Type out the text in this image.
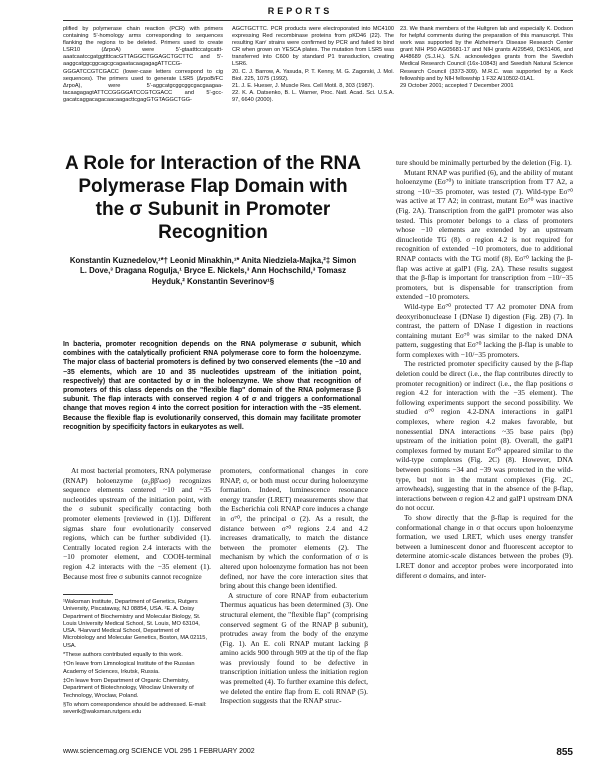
REPORTS

plified by polymerase chain reaction (PCR) with primers containing 5'-homology arms corresponding to sequences flanking the regions to be deleted. Primers used to create LSR10 (ΔrpoA) were 5'-gtaatttccatgcattt-aaatcaatccgatggttttcacGTTAGGCTGGAGCTGCTTC and 5'-aaggcatggcggcagcgcagaatacaagagagATTCCG-GGGATCCGTCGACC (lower-case letters correspond to cig sequences). The primers used to generate LSR5 (ΔrpoB/FC ΔrpoA), were 5'-aggcatgcggcggcgacgaagaa-tacaagagagtATTCCGGGGATCCGTCGACC and 5'-gcc-gacatcaggacagacaacaagacttcgagGTGTAGGCTGG-

AGCTGCTTC. PCR products were electroporated into MC4100 expressing Red recombinase proteins from pKD46 (22). The resulting Kanʳ strains were confirmed by PCR and failed to bind CR when grown on YESCA plates. The mutation from LSR5 was transferred into C600 by standard P1 transduction, creating LSR6.

20. C. J. Barrow, A. Yasuda, P. T. Kenny, M. G. Zagorski, J. Mol. Biol. 225, 1075 (1992).

21. J. E. Hueser, J. Muscle Res. Cell Motil. 8, 303 (1987).

22. K. A. Datsenko, B. L. Warner, Proc. Natl. Acad. Sci. U.S.A. 97, 6640 (2000).

23. We thank members of the Hultgren lab and especially K. Dodson for helpful comments during the preparation of this manuscript. This work was supported by the Alzheimer's Disease Research Center grant NIH P50 AG05681-17 and NIH grants AI29549, DK51406, and AI48689 (S.J.H.). S.N. acknowledges grants from the Swedish Medical Research Council (16x-10843) and Swedish Natural Science Research Council (3373-309). M.R.C. was supported by a Keck fellowship and by NIH fellowship 1 F32 AI10502-01A1.

29 October 2001; accepted 7 December 2001

A Role for Interaction of the RNA Polymerase Flap Domain with the σ Subunit in Promoter Recognition
Konstantin Kuznedelov,¹*† Leonid Minakhin,¹* Anita Niedziela-Majka,²‡ Simon L. Dove,³ Dragana Rogulja,¹ Bryce E. Nickels,³ Ann Hochschild,³ Tomasz Heyduk,² Konstantin Severinov¹§
In bacteria, promoter recognition depends on the RNA polymerase σ subunit, which combines with the catalytically proficient RNA polymerase core to form the holoenzyme. The major class of bacterial promoters is defined by two conserved elements (the −10 and −35 elements, which are 10 and 35 nucleotides upstream of the initiation point, respectively) that are contacted by σ in the holoenzyme. We show that recognition of promoters of this class depends on the "flexible flap" domain of the RNA polymerase β subunit. The flap interacts with conserved region 4 of σ and triggers a conformational change that moves region 4 into the correct position for interaction with the −35 element. Because the flexible flap is evolutionarily conserved, this domain may facilitate promoter recognition by specificity factors in eukaryotes as well.

At most bacterial promoters, RNA polymerase (RNAP) holoenzyme (α₂ββ'ωσ) recognizes sequence elements centered ~10 and ~35 nucleotides upstream of the initiation point, with the σ subunit specifically contacting both promoter elements [reviewed in (1)]. Different sigmas share four evolutionarily conserved regions, which can be further subdivided (1). Centrally located region 2.4 interacts with the −10 promoter element, and COOH-terminal region 4.2 interacts with the −35 element (1). Because most free σ subunits cannot recognize

¹Waksman Institute, Department of Genetics, Rutgers University, Piscataway, NJ 08854, USA. ²E. A. Doisy Department of Biochemistry and Molecular Biology, St. Louis University Medical School, St. Louis, MO 63104, USA. ³Harvard Medical School, Department of Microbiology and Molecular Genetics, Boston, MA 02115, USA.

*These authors contributed equally to this work.

†On leave from Limnological Institute of the Russian Academy of Sciences, Irkutsk, Russia.

‡On leave from Department of Organic Chemistry, Department of Biotechnology, Wroclaw University of Technology, Wroclaw, Poland.

§To whom correspondence should be addressed. E-mail: severik@waksman.rutgers.edu

promoters, conformational changes in core RNAP, σ, or both must occur during holoenzyme formation. Indeed, luminescence resonance energy transfer (LRET) measurements show that the Escherichia coli RNAP core induces a change in σ⁷⁰, the principal σ (2). As a result, the distance between σ⁷⁰ regions 2.4 and 4.2 increases dramatically, to match the distance between the promoter elements (2). The mechanism by which the conformation of σ is altered upon holoenzyme formation has not been defined, nor have the core interaction sites that bring about this change been identified.

A structure of core RNAP from eubacterium Thermus aquaticus has been determined (3). One structural element, the "flexible flap" (comprising conserved segment G of the RNAP β subunit), protrudes away from the body of the enzyme (Fig. 1). An E. coli RNAP mutant lacking β amino acids 900 through 909 at the tip of the flap was previously found to be defective in transcription initiation unless the initiation region was premelted (4). To further examine this defect, we deleted the entire flap from E. coli RNAP (5). Inspection suggests that the RNAP struc-

ture should be minimally perturbed by the deletion (Fig. 1).

Mutant RNAP was purified (6), and the ability of mutant holoenzyme (Eσ⁷⁰) to initiate transcription from T7 A2, a strong −10/−35 promoter, was tested (7). Wild-type Eσ⁷⁰ was active at T7 A2; in contrast, mutant Eσ⁷⁰ was inactive (Fig. 2A). Transcription from the galP1 promoter was also tested. This promoter belongs to a class of promoters whose −10 elements are extended by an upstream dinucleotide TG (8). σ region 4.2 is not required for recognition of extended −10 promoters, due to additional RNAP contacts with the TG motif (8). Eσ⁷⁰ lacking the β-flap was active at galP1 (Fig. 2A). These results suggest that the β-flap is important for transcription from −10/−35 promoters, but is dispensable for transcription from extended −10 promoters.

Wild-type Eσ⁷⁰ protected T7 A2 promoter DNA from deoxyribonuclease I (DNase I) digestion (Fig. 2B) (7). In contrast, the pattern of DNase I digestion in reactions containing mutant Eσ⁷⁰ was similar to the naked DNA pattern, suggesting that Eσ⁷⁰ lacking the β-flap is unable to form complexes with −10/−35 promoters.

The restricted promoter specificity caused by the β-flap deletion could be direct (i.e., the flap contributes directly to promoter recognition) or indirect (i.e., the flap positions σ region 4.2 for interaction with the −35 element). The following experiments support the second possibility. We studied σ⁷⁰ region 4.2-DNA interactions in galP1 complexes, where region 4.2 makes favorable, but nonessential DNA interactions ~35 base pairs (bp) upstream of the initiation point (8). Overall, the galP1 complexes formed by mutant Eσ⁷⁰ appeared similar to the wild-type complexes (Fig. 2C) (8). However, DNA between positions −34 and −39 was protected in the wild-type, but not in the mutant complexes (Fig. 2C, arrowheads), suggesting that in the absence of the β-flap, interactions between σ region 4.2 and galP1 upstream DNA do not occur.

To show directly that the β-flap is required for the conformational change in σ that occurs upon holoenzyme formation, we used LRET, which uses energy transfer between a luminescent donor and fluorescent acceptor to determine atomic-scale distances between the probes (9). LRET donor and acceptor probes were incorporated into different σ domains, and inter-

www.sciencemag.org SCIENCE VOL 295 1 FEBRUARY 2002	855
